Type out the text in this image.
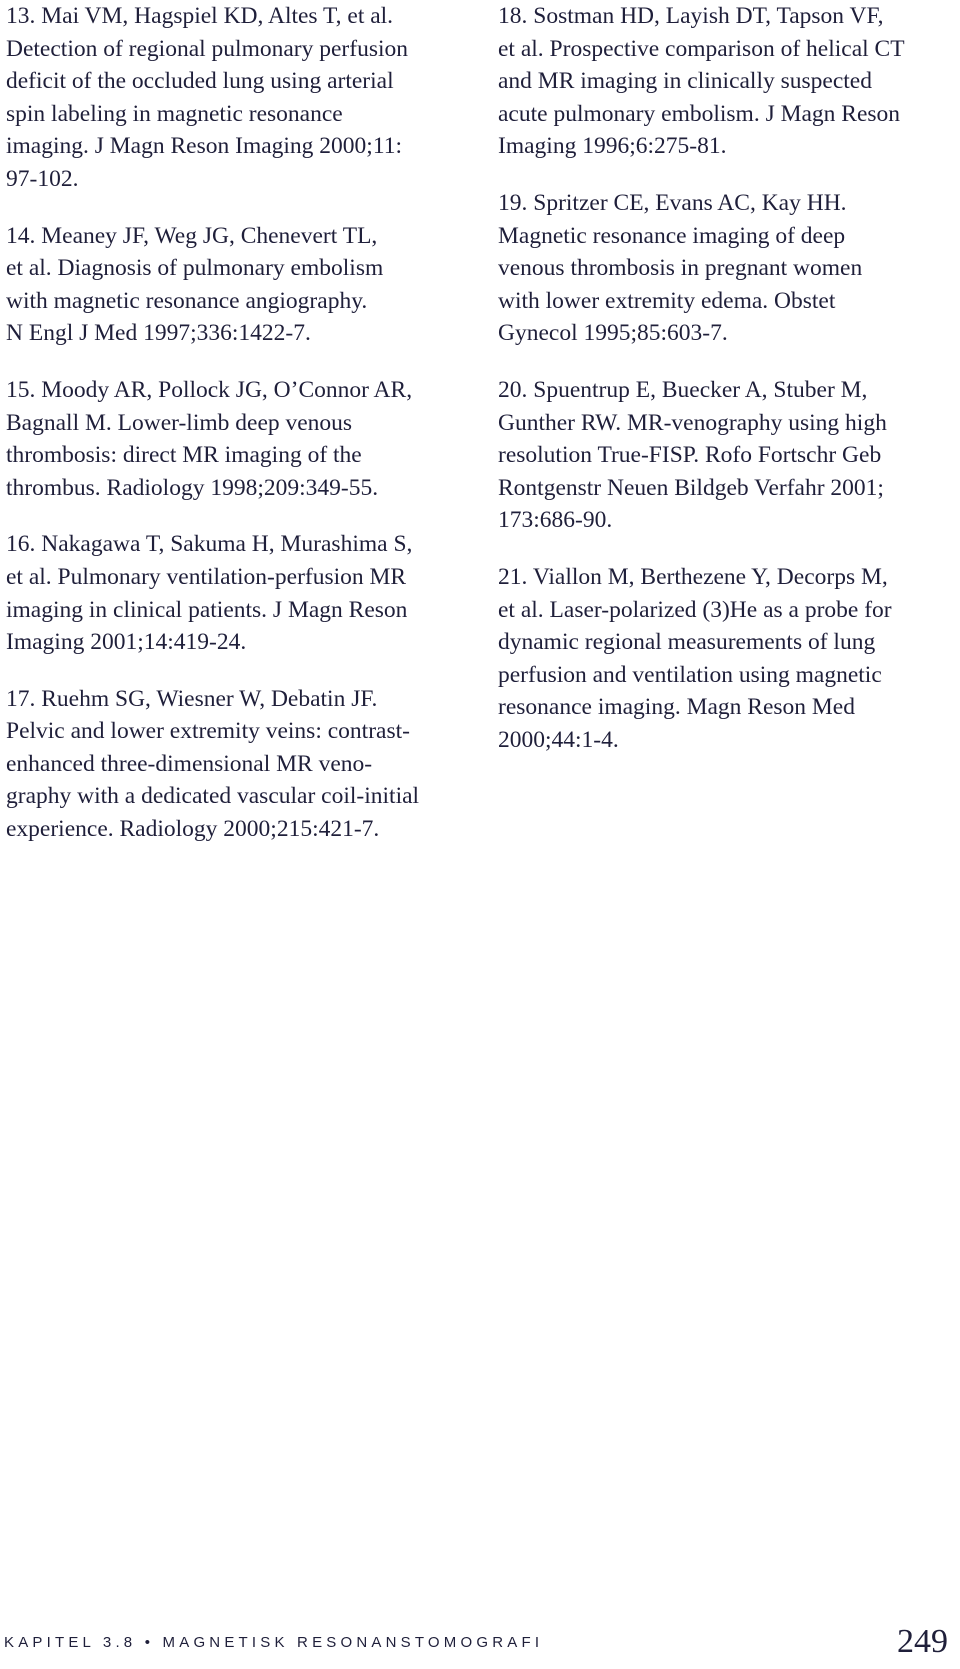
13. Mai VM, Hagspiel KD, Altes T, et al.
Detection of regional pulmonary perfusion
deficit of the occluded lung using arterial
spin labeling in magnetic resonance
imaging. J Magn Reson Imaging 2000;11:
97-102.
14. Meaney JF, Weg JG, Chenevert TL,
et al. Diagnosis of pulmonary embolism
with magnetic resonance angiography.
N Engl J Med 1997;336:1422-7.
15. Moody AR, Pollock JG, O’Connor AR,
Bagnall M. Lower-limb deep venous
thrombosis: direct MR imaging of the
thrombus. Radiology 1998;209:349-55.
16. Nakagawa T, Sakuma H, Murashima S,
et al. Pulmonary ventilation-perfusion MR
imaging in clinical patients. J Magn Reson
Imaging 2001;14:419-24.
17. Ruehm SG, Wiesner W, Debatin JF.
Pelvic and lower extremity veins: contrast-
enhanced three-dimensional MR veno-
graphy with a dedicated vascular coil-initial
experience. Radiology 2000;215:421-7.
18. Sostman HD, Layish DT, Tapson VF,
et al. Prospective comparison of helical CT
and MR imaging in clinically suspected
acute pulmonary embolism. J Magn Reson
Imaging 1996;6:275-81.
19. Spritzer CE, Evans AC, Kay HH.
Magnetic resonance imaging of deep
venous thrombosis in pregnant women
with lower extremity edema. Obstet
Gynecol 1995;85:603-7.
20. Spuentrup E, Buecker A, Stuber M,
Gunther RW. MR-venography using high
resolution True-FISP. Rofo Fortschr Geb
Rontgenstr Neuen Bildgeb Verfahr 2001;
173:686-90.
21. Viallon M, Berthezene Y, Decorps M,
et al. Laser-polarized (3)He as a probe for
dynamic regional measurements of lung
perfusion and ventilation using magnetic
resonance imaging. Magn Reson Med
2000;44:1-4.
KAPITEL 3.8 • MAGNETISK RESONANSTOMOGRAFI	249
